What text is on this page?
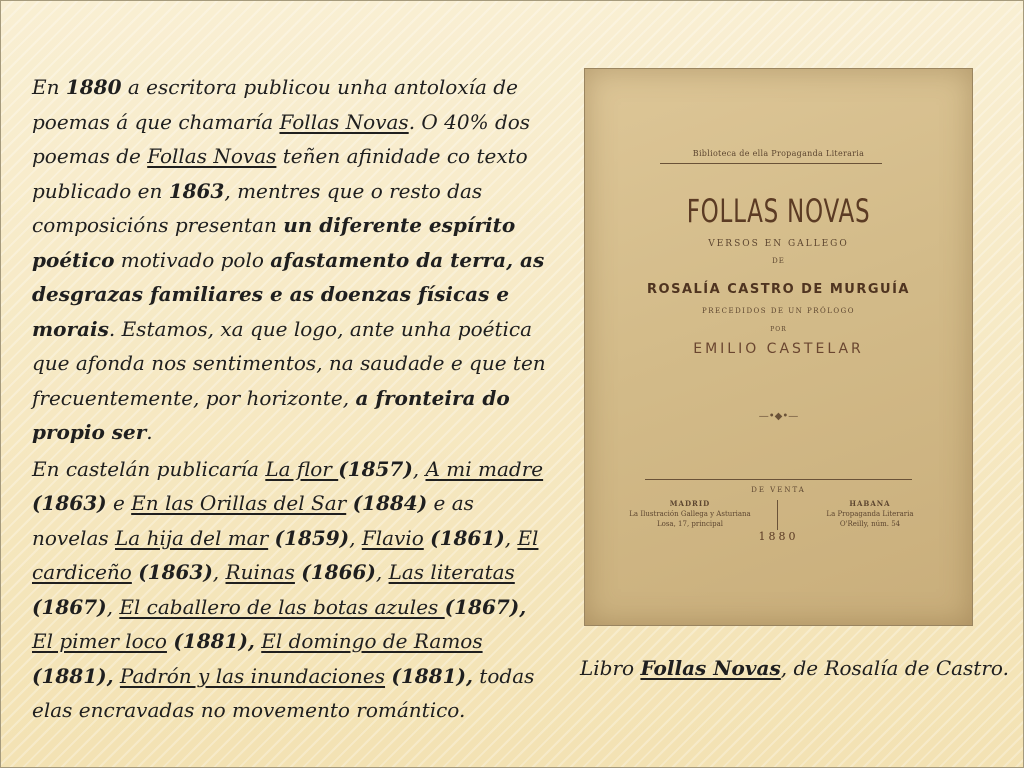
En 1880 a escritora publicou unha antoloxía de poemas á que chamaría Follas Novas. O 40% dos poemas de Follas Novas teñen afinidade co texto publicado en 1863, mentres que o resto das composicións presentan un diferente espírito poético motivado polo afastamento da terra, as desgrazas familiares e as doenzas físicas e morais. Estamos, xa que logo, ante unha poética que afonda nos sentimentos, na saudade e que ten frecuentemente, por horizonte, a fronteira do propio ser.

En castelán publicaría La flor (1857), A mi madre (1863) e En las Orillas del Sar (1884) e as novelas La hija del mar (1859), Flavio (1861), El cardiceño (1863), Ruinas (1866), Las literatas (1867), El caballero de las botas azules (1867), El pimer loco (1881), El domingo de Ramos (1881), Padrón y las inundaciones (1881), todas elas encravadas no movemento romántico.

Biblioteca de ella Propaganda Literaria
FOLLAS NOVAS
VERSOS EN GALLEGO
DE
ROSALÍA CASTRO DE MURGUÍA
PRECEDIDOS DE UN PRÓLOGO
POR
EMILIO CASTELAR
—•◆•—
DE VENTA
MADRID
La Ilustración Gallega y Asturiana
Losa, 17, principal
HABANA
La Propaganda Literaria
O'Reilly, núm. 54
1880
Libro Follas Novas, de Rosalía de Castro.
